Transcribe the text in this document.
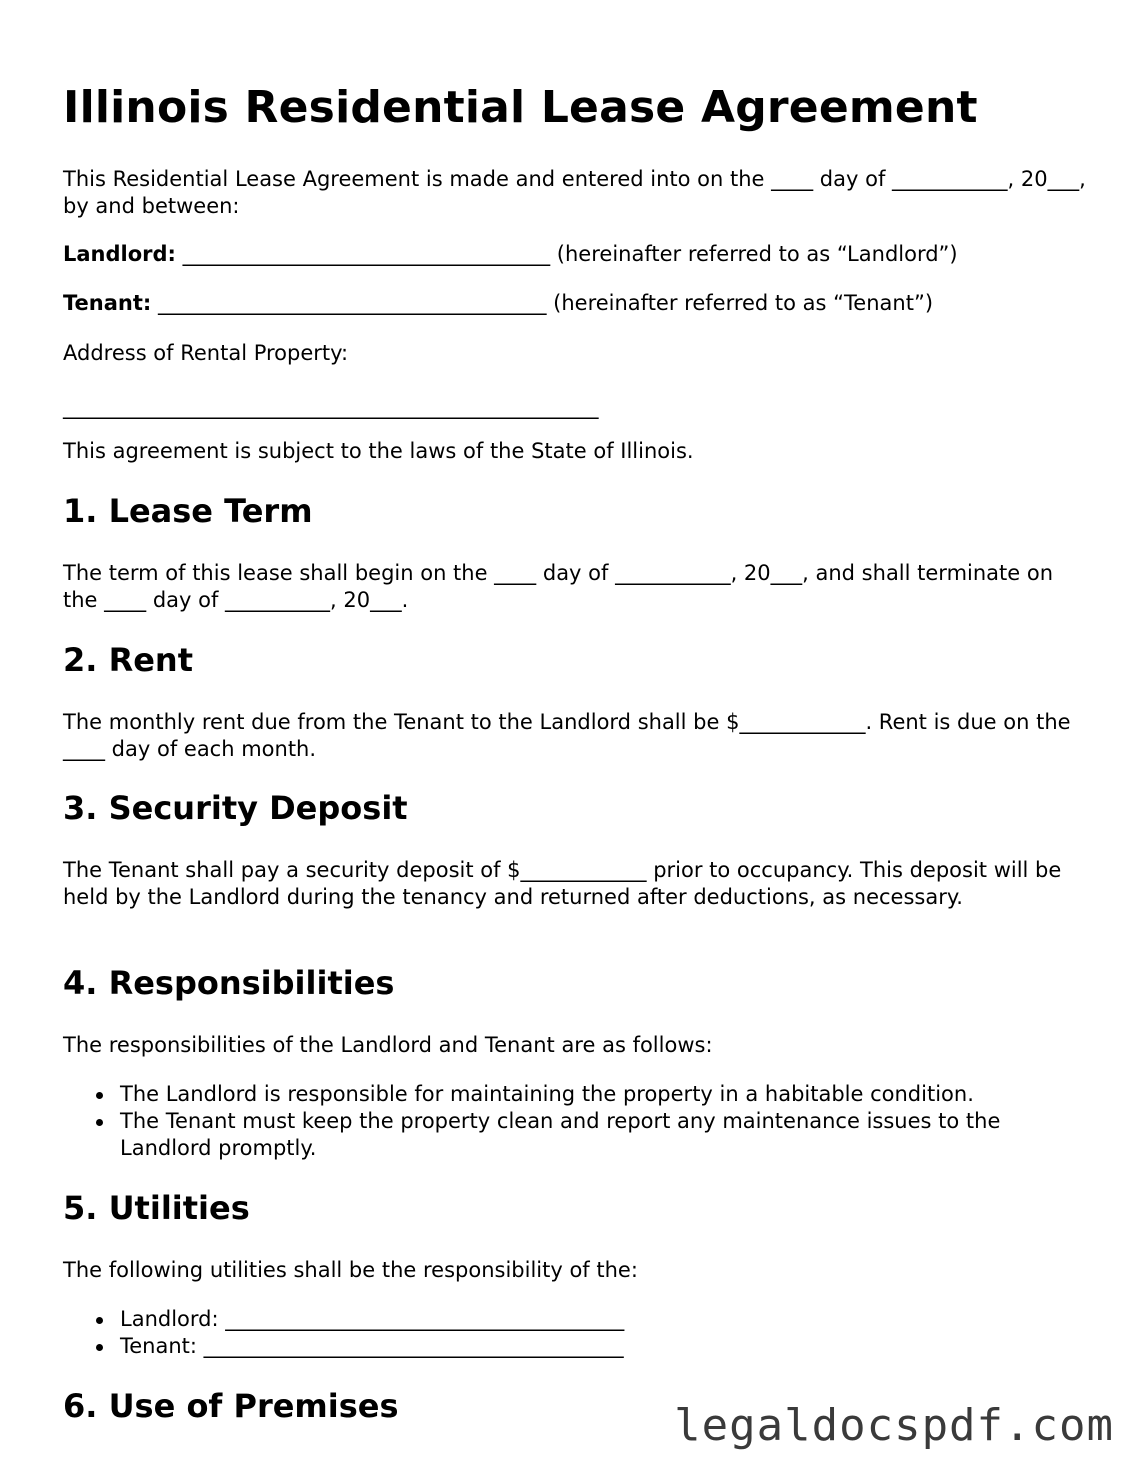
Illinois Residential Lease Agreement

This Residential Lease Agreement is made and entered into on the ____ day of ___________, 20___, by and between:

Landlord: ___________________________________ (hereinafter referred to as “Landlord”)

Tenant: _____________________________________ (hereinafter referred to as “Tenant”)

Address of Rental Property:

___________________________________________________

This agreement is subject to the laws of the State of Illinois.

1. Lease Term

The term of this lease shall begin on the ____ day of ___________, 20___, and shall terminate on the ____ day of __________, 20___.

2. Rent

The monthly rent due from the Tenant to the Landlord shall be $____________. Rent is due on the ____ day of each month.

3. Security Deposit

The Tenant shall pay a security deposit of $____________ prior to occupancy. This deposit will be held by the Landlord during the tenancy and returned after deductions, as necessary.

4. Responsibilities

The responsibilities of the Landlord and Tenant are as follows:

The Landlord is responsible for maintaining the property in a habitable condition.
The Tenant must keep the property clean and report any maintenance issues to the Landlord promptly.
5. Utilities

The following utilities shall be the responsibility of the:

Landlord: ______________________________________
Tenant: ________________________________________
6. Use of Premises	legaldocspdf.com
